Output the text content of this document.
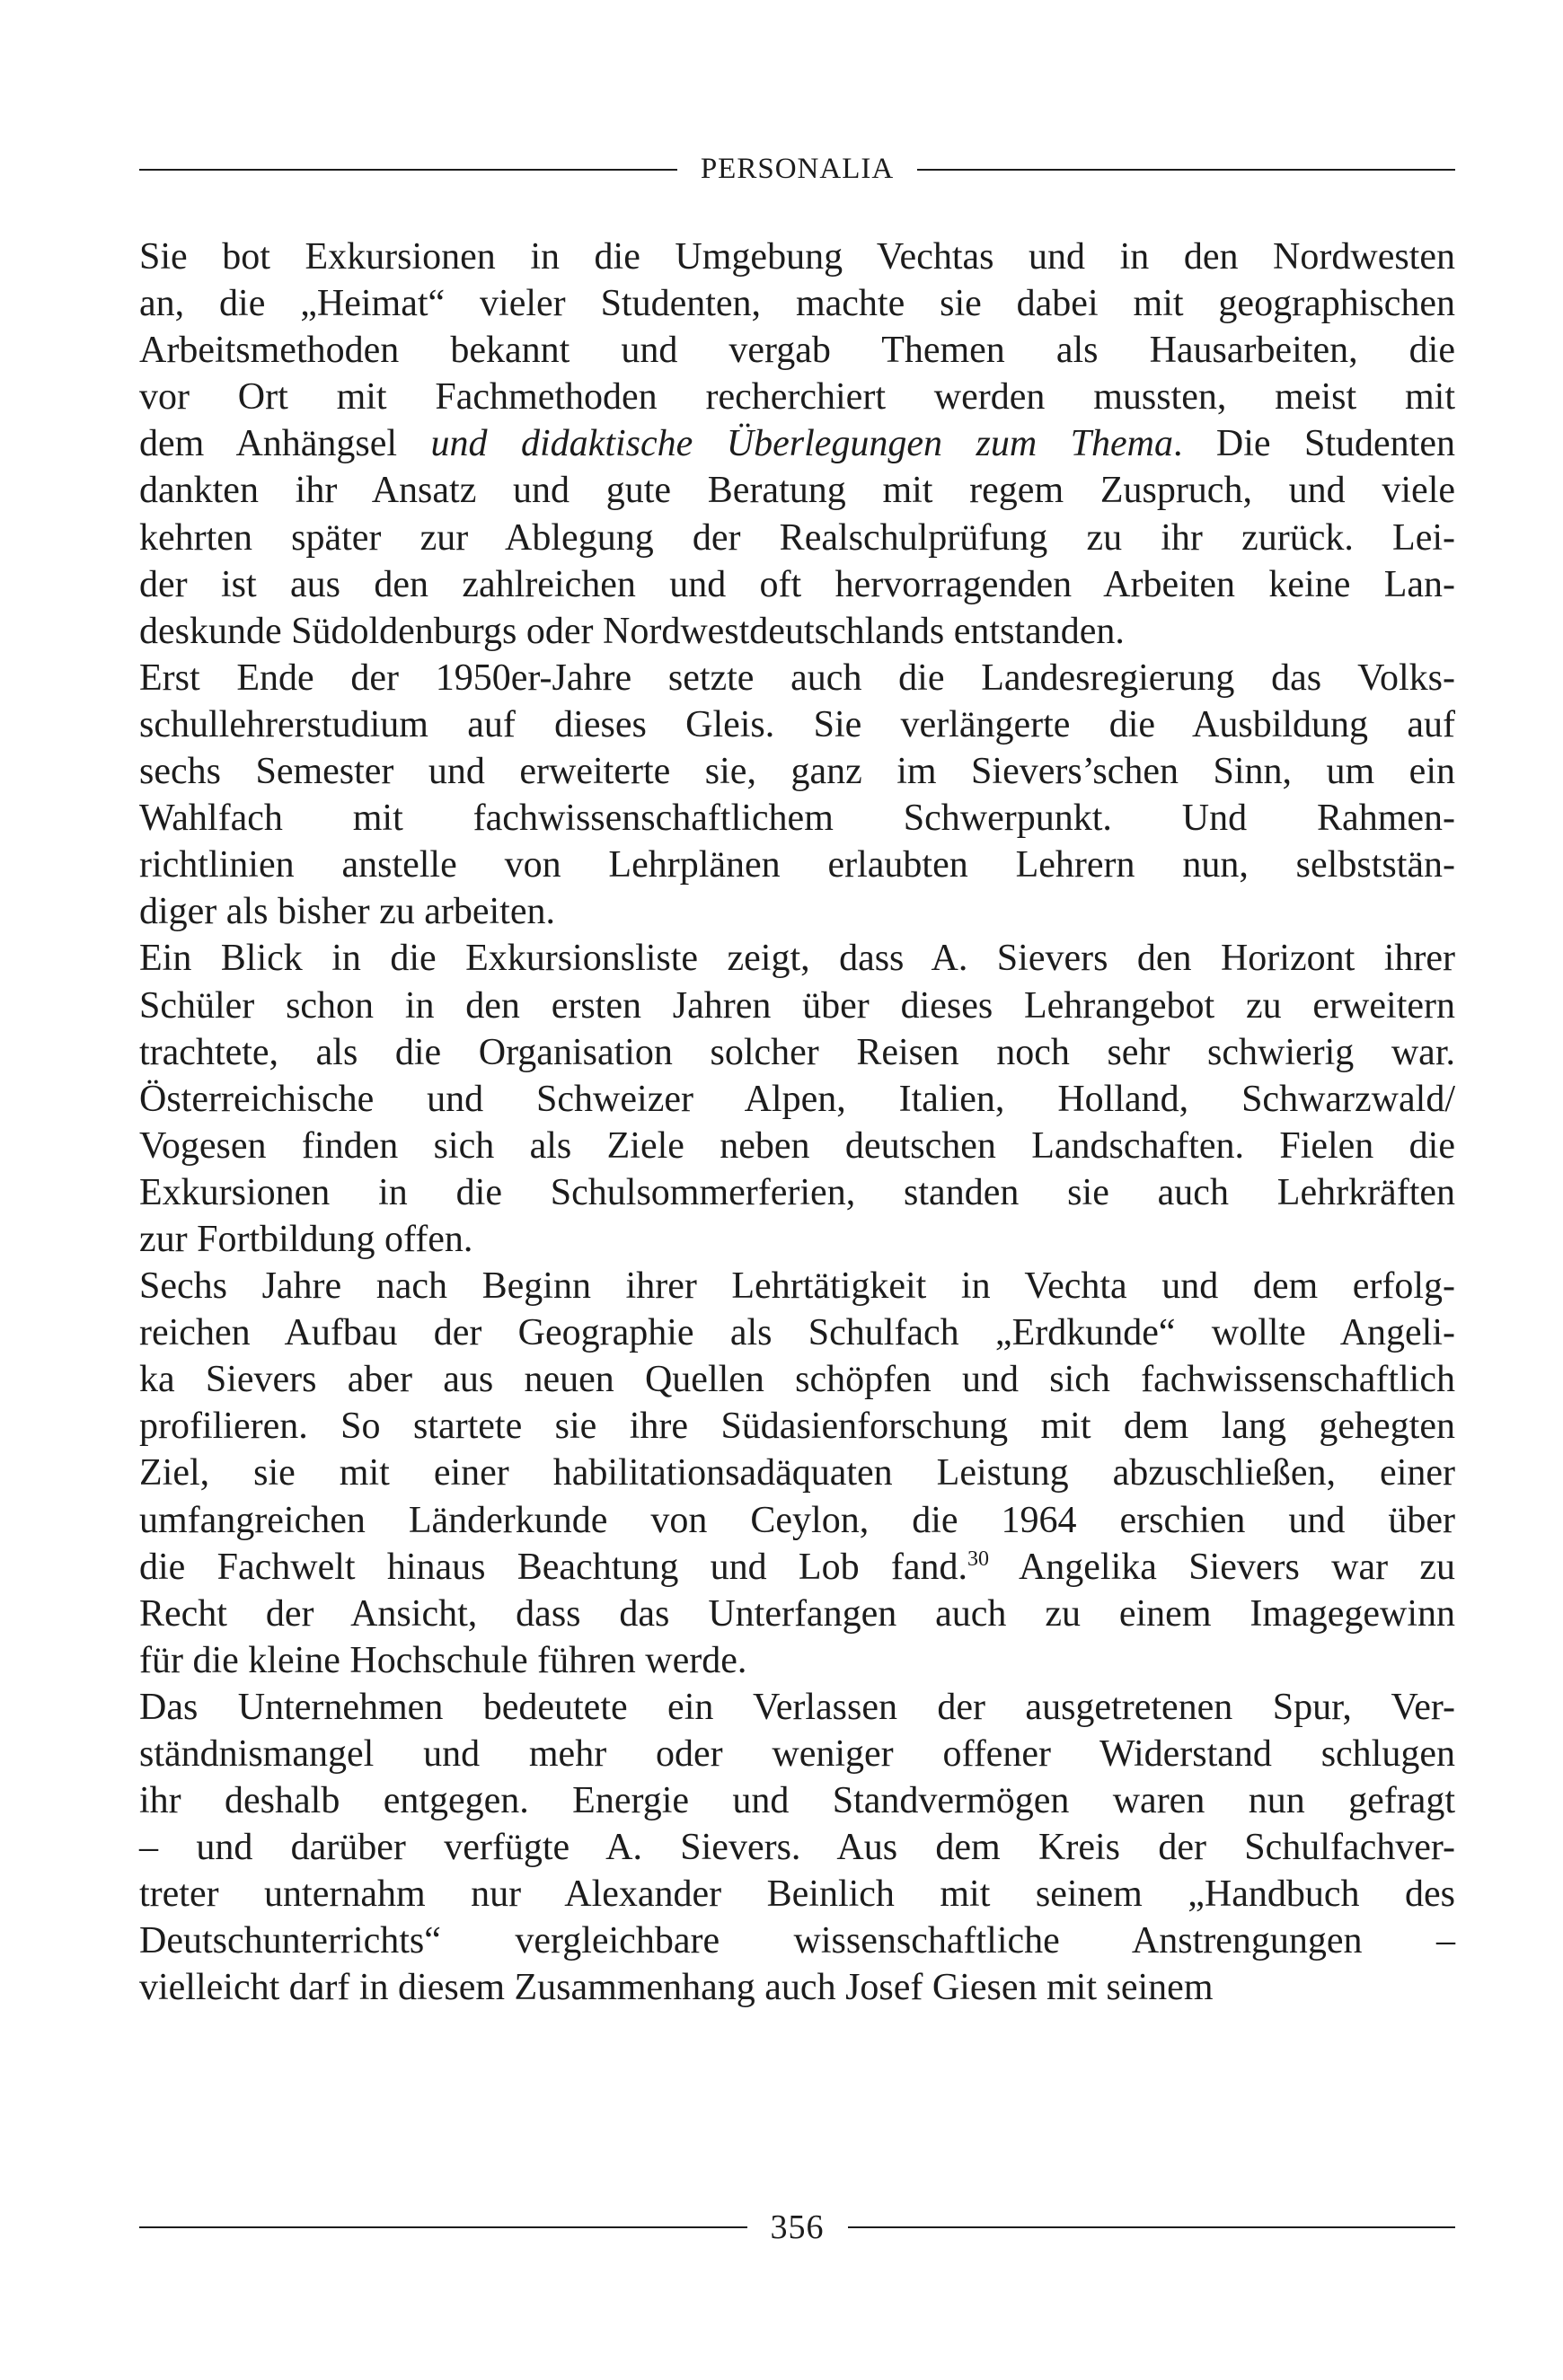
PERSONALIA
Sie bot Exkursionen in die Umgebung Vechtas und in den Nordwesten
an, die „Heimat“ vieler Studenten, machte sie dabei mit geographischen
Arbeitsmethoden bekannt und vergab Themen als Hausarbeiten, die
vor Ort mit Fachmethoden recherchiert werden mussten, meist mit
dem Anhängsel und didaktische Überlegungen zum Thema. Die Studenten
dankten ihr Ansatz und gute Beratung mit regem Zuspruch, und viele
kehrten später zur Ablegung der Realschulprüfung zu ihr zurück. Lei-
der ist aus den zahlreichen und oft hervorragenden Arbeiten keine Lan-
deskunde Südoldenburgs oder Nordwestdeutschlands entstanden.
Erst Ende der 1950er-Jahre setzte auch die Landesregierung das Volks-
schullehrerstudium auf dieses Gleis. Sie verlängerte die Ausbildung auf
sechs Semester und erweiterte sie, ganz im Sievers’schen Sinn, um ein
Wahlfach mit fachwissenschaftlichem Schwerpunkt. Und Rahmen-
richtlinien anstelle von Lehrplänen erlaubten Lehrern nun, selbststän-
diger als bisher zu arbeiten.
Ein Blick in die Exkursionsliste zeigt, dass A. Sievers den Horizont ihrer
Schüler schon in den ersten Jahren über dieses Lehrangebot zu erweitern
trachtete, als die Organisation solcher Reisen noch sehr schwierig war.
Österreichische und Schweizer Alpen, Italien, Holland, Schwarzwald/
Vogesen finden sich als Ziele neben deutschen Landschaften. Fielen die
Exkursionen in die Schulsommerferien, standen sie auch Lehrkräften
zur Fortbildung offen.
Sechs Jahre nach Beginn ihrer Lehrtätigkeit in Vechta und dem erfolg-
reichen Aufbau der Geographie als Schulfach „Erdkunde“ wollte Angeli-
ka Sievers aber aus neuen Quellen schöpfen und sich fachwissenschaftlich
profilieren. So startete sie ihre Südasienforschung mit dem lang gehegten
Ziel, sie mit einer habilitationsadäquaten Leistung abzuschließen, einer
umfangreichen Länderkunde von Ceylon, die 1964 erschien und über
die Fachwelt hinaus Beachtung und Lob fand.$^{30}$ Angelika Sievers war zu
Recht der Ansicht, dass das Unterfangen auch zu einem Imagegewinn
für die kleine Hochschule führen werde.
Das Unternehmen bedeutete ein Verlassen der ausgetretenen Spur, Ver-
ständnismangel und mehr oder weniger offener Widerstand schlugen
ihr deshalb entgegen. Energie und Standvermögen waren nun gefragt
– und darüber verfügte A. Sievers. Aus dem Kreis der Schulfachver-
treter unternahm nur Alexander Beinlich mit seinem „Handbuch des
Deutschunterrichts“ vergleichbare wissenschaftliche Anstrengungen –
vielleicht darf in diesem Zusammenhang auch Josef Giesen mit seinem
356
